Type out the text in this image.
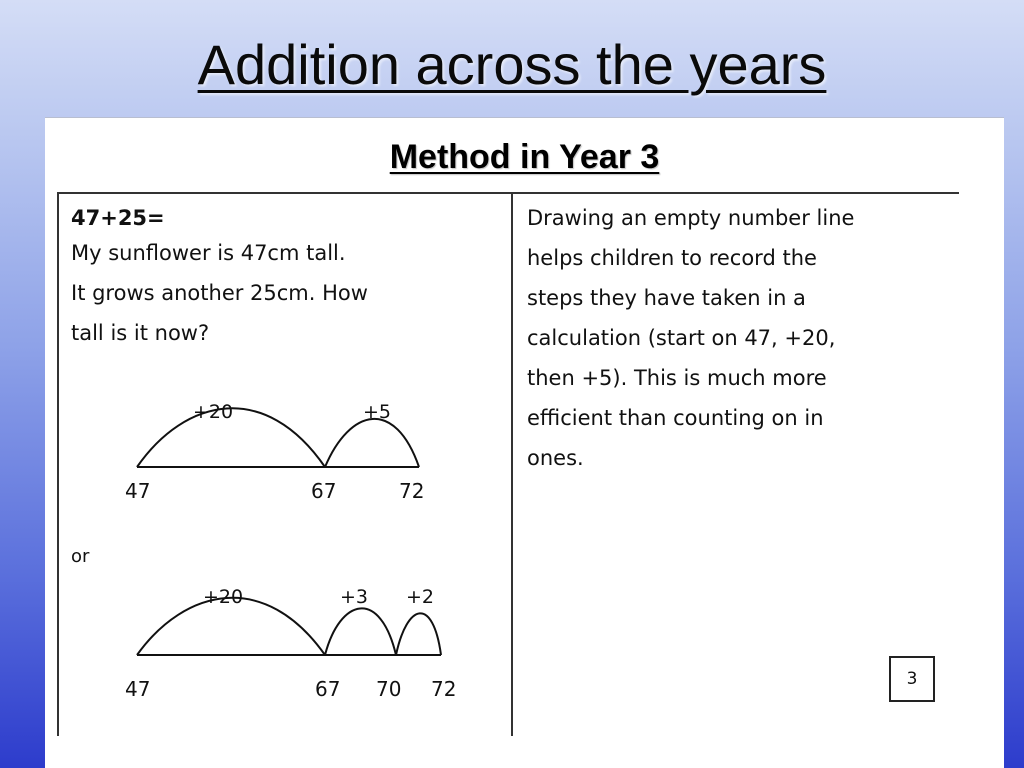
Addition across the years
Method in Year 3
47+25=
My sunflower is 47cm tall.
It grows another 25cm. How
tall is it now?
Drawing an empty number line
helps children to record the
steps they have taken in a
calculation (start on 47, +20,
then +5). This is much more
efficient than counting on in
ones.
+20	+5
47	67	72
or
+20	+3 +2
47	67 70 72	3
